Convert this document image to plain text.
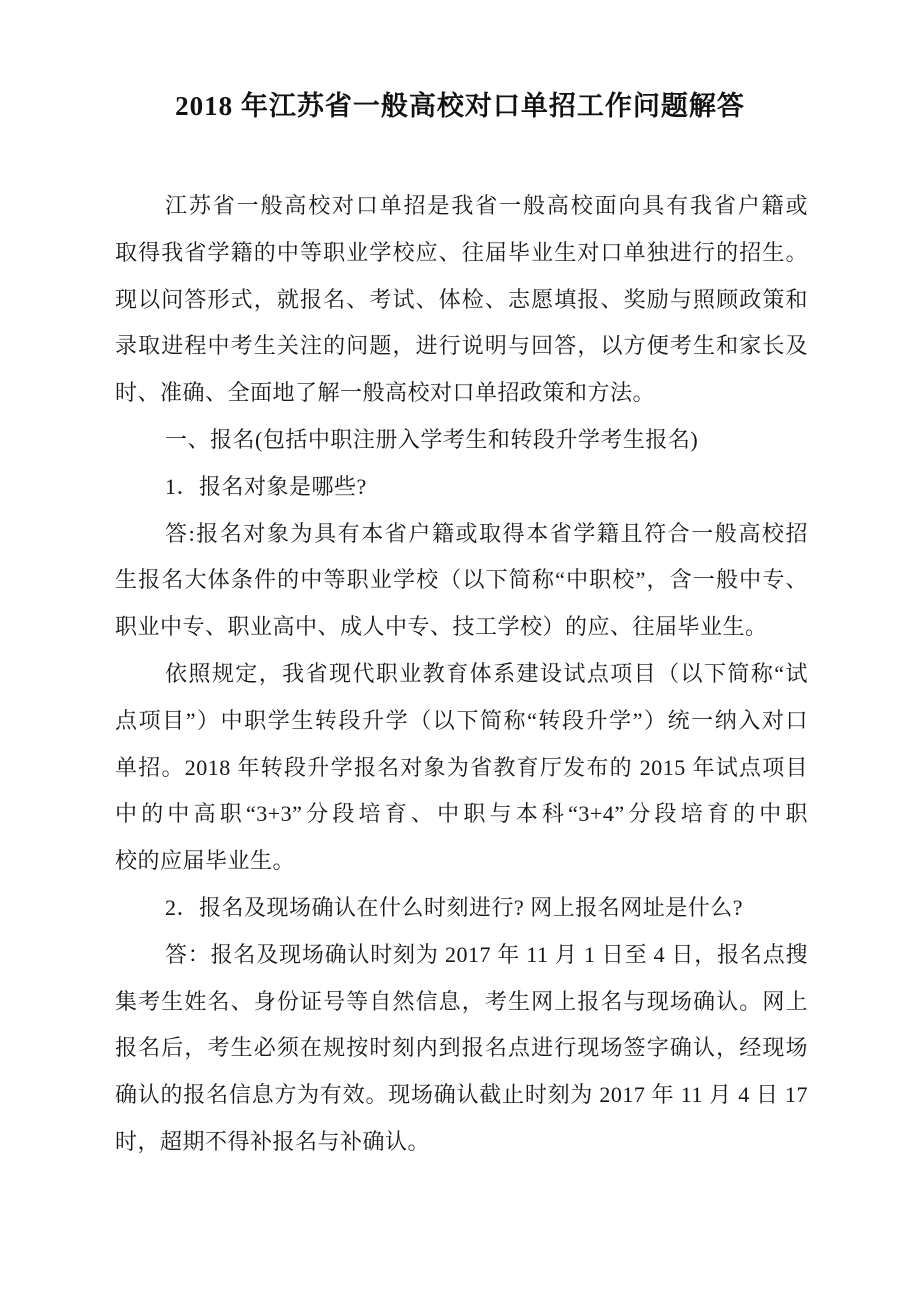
2018 年江苏省一般高校对口单招工作问题解答
江苏省一般高校对口单招是我省一般高校面向具有我省户籍或
取得我省学籍的中等职业学校应、往届毕业生对口单独进行的招生。
现以问答形式，就报名、考试、体检、志愿填报、奖励与照顾政策和
录取进程中考生关注的问题，进行说明与回答，以方便考生和家长及
时、准确、全面地了解一般高校对口单招政策和方法。
一、报名(包括中职注册入学考生和转段升学考生报名)
1．报名对象是哪些?
答:报名对象为具有本省户籍或取得本省学籍且符合一般高校招
生报名大体条件的中等职业学校（以下简称“中职校”，含一般中专、
职业中专、职业高中、成人中专、技工学校）的应、往届毕业生。
依照规定，我省现代职业教育体系建设试点项目（以下简称“试
点项目”）中职学生转段升学（以下简称“转段升学”）统一纳入对口
单招。2018 年转段升学报名对象为省教育厅发布的 2015 年试点项目
中的中高职“3+3”分段培育、中职与本科“3+4”分段培育的中职
校的应届毕业生。
2．报名及现场确认在什么时刻进行? 网上报名网址是什么?
答：报名及现场确认时刻为 2017 年 11 月 1 日至 4 日，报名点搜
集考生姓名、身份证号等自然信息，考生网上报名与现场确认。网上
报名后，考生必须在规按时刻内到报名点进行现场签字确认，经现场
确认的报名信息方为有效。现场确认截止时刻为 2017 年 11 月 4 日 17
时，超期不得补报名与补确认。
